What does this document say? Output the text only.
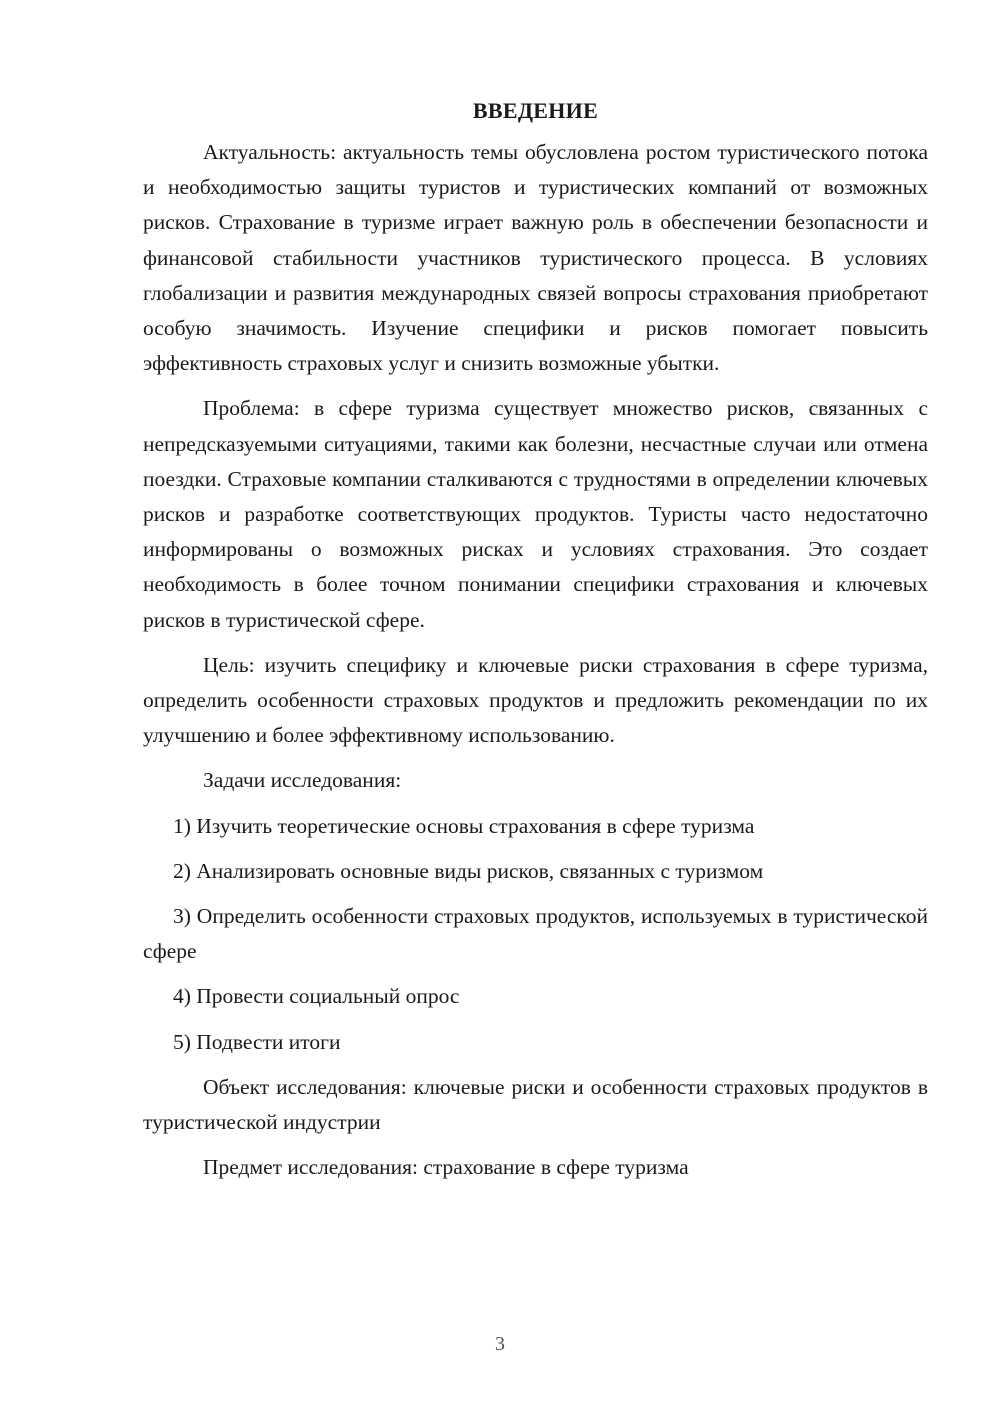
ВВЕДЕНИЕ

Актуальность: актуальность темы обусловлена ростом туристического потока и необходимостью защиты туристов и туристических компаний от возможных рисков. Страхование в туризме играет важную роль в обеспечении безопасности и финансовой стабильности участников туристического процесса. В условиях глобализации и развития международных связей вопросы страхования приобретают особую значимость. Изучение специфики и рисков помогает повысить эффективность страховых услуг и снизить возможные убытки.

Проблема: в сфере туризма существует множество рисков, связанных с непредсказуемыми ситуациями, такими как болезни, несчастные случаи или отмена поездки. Страховые компании сталкиваются с трудностями в определении ключевых рисков и разработке соответствующих продуктов. Туристы часто недостаточно информированы о возможных рисках и условиях страхования. Это создает необходимость в более точном понимании специфики страхования и ключевых рисков в туристической сфере.

Цель: изучить специфику и ключевые риски страхования в сфере туризма, определить особенности страховых продуктов и предложить рекомендации по их улучшению и более эффективному использованию.

Задачи исследования:

1) Изучить теоретические основы страхования в сфере туризма

2) Анализировать основные виды рисков, связанных с туризмом

3) Определить особенности страховых продуктов, используемых в туристической сфере

4) Провести социальный опрос

5) Подвести итоги

Объект исследования: ключевые риски и особенности страховых продуктов в туристической индустрии

Предмет исследования: страхование в сфере туризма

3
